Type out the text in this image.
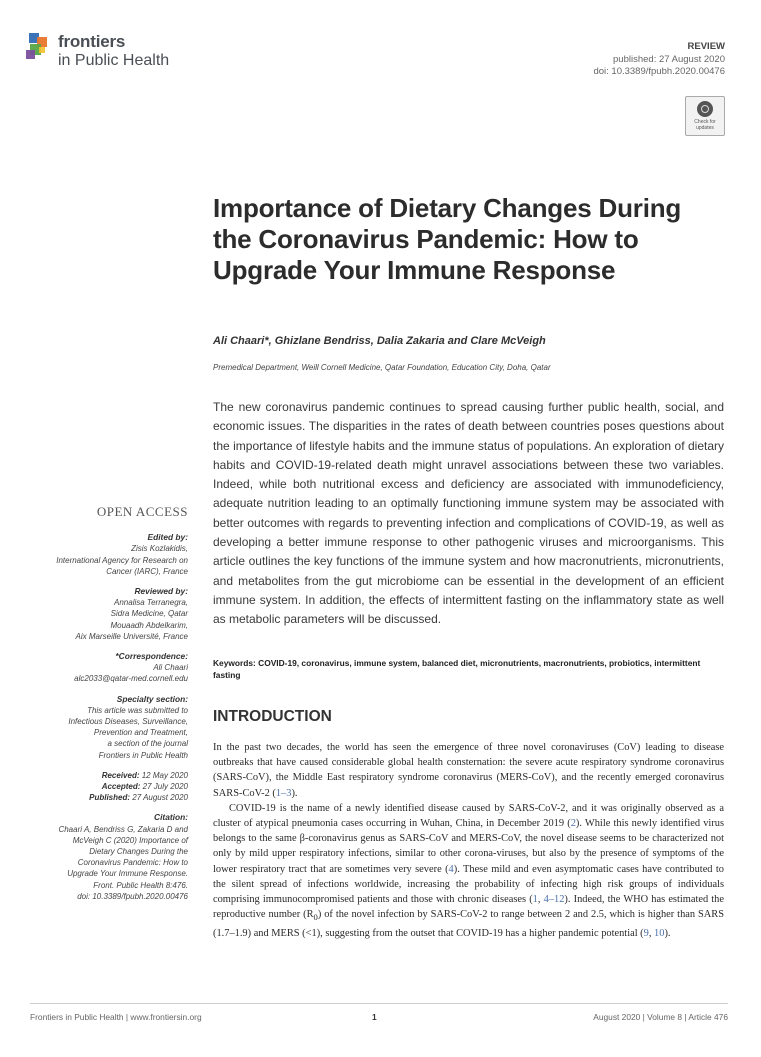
frontiers
in Public Health
REVIEW
published: 27 August 2020
doi: 10.3389/fpubh.2020.00476
Check for
updates
Importance of Dietary Changes During the Coronavirus Pandemic: How to Upgrade Your Immune Response
Ali Chaari*, Ghizlane Bendriss, Dalia Zakaria and Clare McVeigh
Premedical Department, Weill Cornell Medicine, Qatar Foundation, Education City, Doha, Qatar
The new coronavirus pandemic continues to spread causing further public health, social, and economic issues. The disparities in the rates of death between countries poses questions about the importance of lifestyle habits and the immune status of populations. An exploration of dietary habits and COVID-19-related death might unravel associations between these two variables. Indeed, while both nutritional excess and deficiency are associated with immunodeficiency, adequate nutrition leading to an optimally functioning immune system may be associated with better outcomes with regards to preventing infection and complications of COVID-19, as well as developing a better immune response to other pathogenic viruses and microorganisms. This article outlines the key functions of the immune system and how macronutrients, micronutrients, and metabolites from the gut microbiome can be essential in the development of an efficient immune system. In addition, the effects of intermittent fasting on the inflammatory state as well as metabolic parameters will be discussed.
Keywords: COVID-19, coronavirus, immune system, balanced diet, micronutrients, macronutrients, probiotics, intermittent fasting
INTRODUCTION

In the past two decades, the world has seen the emergence of three novel coronaviruses (CoV) leading to disease outbreaks that have caused considerable global health consternation: the severe acute respiratory syndrome coronavirus (SARS-CoV), the Middle East respiratory syndrome coronavirus (MERS-CoV), and the recently emerged coronavirus SARS-CoV-2 (1–3).

COVID-19 is the name of a newly identified disease caused by SARS-CoV-2, and it was originally observed as a cluster of atypical pneumonia cases occurring in Wuhan, China, in December 2019 (2). While this newly identified virus belongs to the same β-coronavirus genus as SARS-CoV and MERS-CoV, the novel disease seems to be characterized not only by mild upper respiratory infections, similar to other corona-viruses, but also by the presence of symptoms of the lower respiratory tract that are sometimes very severe (4). These mild and even asymptomatic cases have contributed to the silent spread of infections worldwide, increasing the probability of infecting high risk groups of individuals comprising immunocompromised patients and those with chronic diseases (1, 4–12). Indeed, the WHO has estimated the reproductive number $(R_0)$ of the novel infection by SARS-CoV-2 to range between 2 and 2.5, which is higher than SARS (1.7–1.9) and MERS (<1), suggesting from the outset that COVID-19 has a higher pandemic potential (9, 10).

OPEN ACCESS
Edited by:
Zisis Kozlakidis,
International Agency for Research on
Cancer (IARC), France
Reviewed by:
Annalisa Terranegra,
Sidra Medicine, Qatar
Mouaadh Abdelkarim,
Aix Marseille Université, France
*Correspondence:
Ali Chaari
alc2033@qatar-med.cornell.edu
Specialty section:
This article was submitted to
Infectious Diseases, Surveillance,
Prevention and Treatment,
a section of the journal
Frontiers in Public Health
Received: 12 May 2020
Accepted: 27 July 2020
Published: 27 August 2020
Citation:
Chaari A, Bendriss G, Zakaria D and
McVeigh C (2020) Importance of
Dietary Changes During the
Coronavirus Pandemic: How to
Upgrade Your Immune Response.
Front. Public Health 8:476.
doi: 10.3389/fpubh.2020.00476
Frontiers in Public Health | www.frontiersin.org	1	August 2020 | Volume 8 | Article 476
